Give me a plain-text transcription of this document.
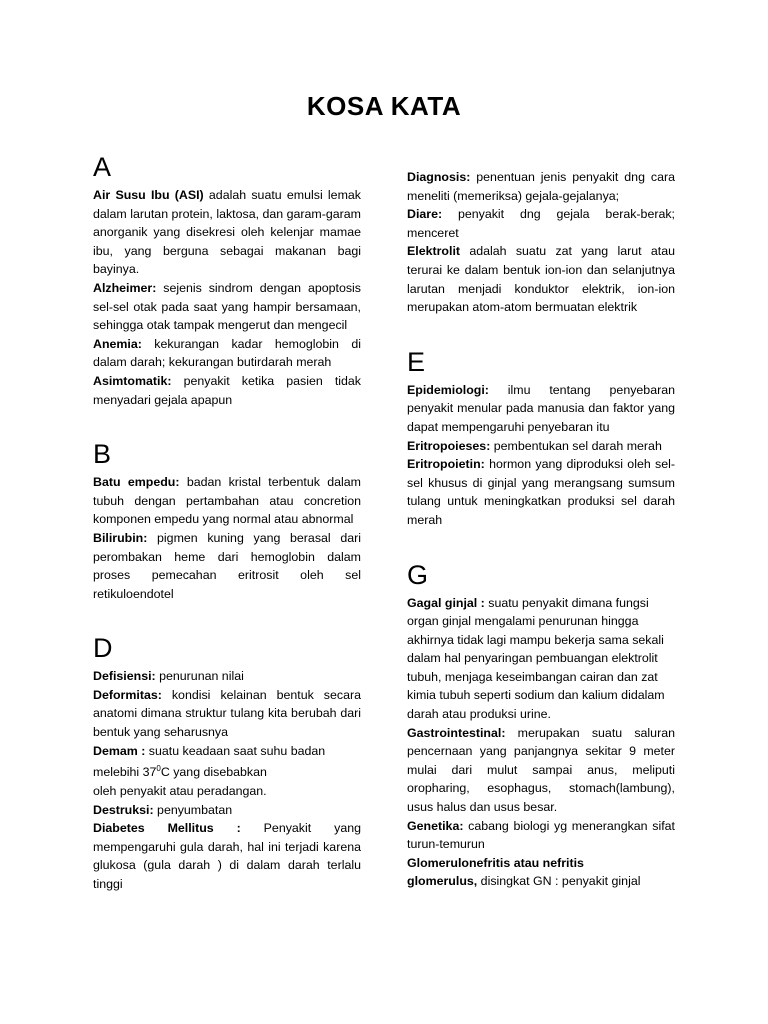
KOSA KATA
A

Air Susu Ibu (ASI) adalah suatu emulsi lemak dalam larutan protein, laktosa, dan garam-garam anorganik yang disekresi oleh kelenjar mamae ibu, yang berguna sebagai makanan bagi bayinya.

Alzheimer: sejenis sindrom dengan apoptosis sel-sel otak pada saat yang hampir bersamaan, sehingga otak tampak mengerut dan mengecil

Anemia: kekurangan kadar hemoglobin di dalam darah; kekurangan butirdarah merah

Asimtomatik: penyakit ketika pasien tidak menyadari gejala apapun

B

Batu empedu: badan kristal terbentuk dalam tubuh dengan pertambahan atau concretion komponen empedu yang normal atau abnormal

Bilirubin: pigmen kuning yang berasal dari perombakan heme dari hemoglobin dalam proses pemecahan eritrosit oleh sel retikuloendotel

D

Defisiensi: penurunan nilai

Deformitas: kondisi kelainan bentuk secara anatomi dimana struktur tulang kita berubah dari bentuk yang seharusnya

Demam : suatu keadaan saat suhu badan melebihi $37^0C$ yang disebabkan
oleh penyakit atau peradangan.

Destruksi: penyumbatan

Diabetes Mellitus : Penyakit yang mempengaruhi gula darah, hal ini terjadi karena glukosa (gula darah ) di dalam darah terlalu tinggi

Diagnosis: penentuan jenis penyakit dng cara meneliti (memeriksa) gejala-gejalanya;

Diare: penyakit dng gejala berak-berak; menceret

Elektrolit adalah suatu zat yang larut atau terurai ke dalam bentuk ion-ion dan selanjutnya larutan menjadi konduktor elektrik, ion-ion merupakan atom-atom bermuatan elektrik

E

Epidemiologi: ilmu tentang penyebaran penyakit menular pada manusia dan faktor yang dapat mempengaruhi penyebaran itu

Eritropoieses: pembentukan sel darah merah

Eritropoietin: hormon yang diproduksi oleh sel-sel khusus di ginjal yang merangsang sumsum tulang untuk meningkatkan produksi sel darah merah

G

Gagal ginjal : suatu penyakit dimana fungsi organ ginjal mengalami penurunan hingga akhirnya tidak lagi mampu bekerja sama sekali dalam hal penyaringan pembuangan elektrolit tubuh, menjaga keseimbangan cairan dan zat kimia tubuh seperti sodium dan kalium didalam darah atau produksi urine.

Gastrointestinal: merupakan suatu saluran pencernaan yang panjangnya sekitar 9 meter mulai dari mulut sampai anus, meliputi oropharing, esophagus, stomach(lambung), usus halus dan usus besar.

Genetika: cabang biologi yg menerangkan sifat turun-temurun

Glomerulonefritis atau nefritis

glomerulus, disingkat GN : penyakit ginjal
